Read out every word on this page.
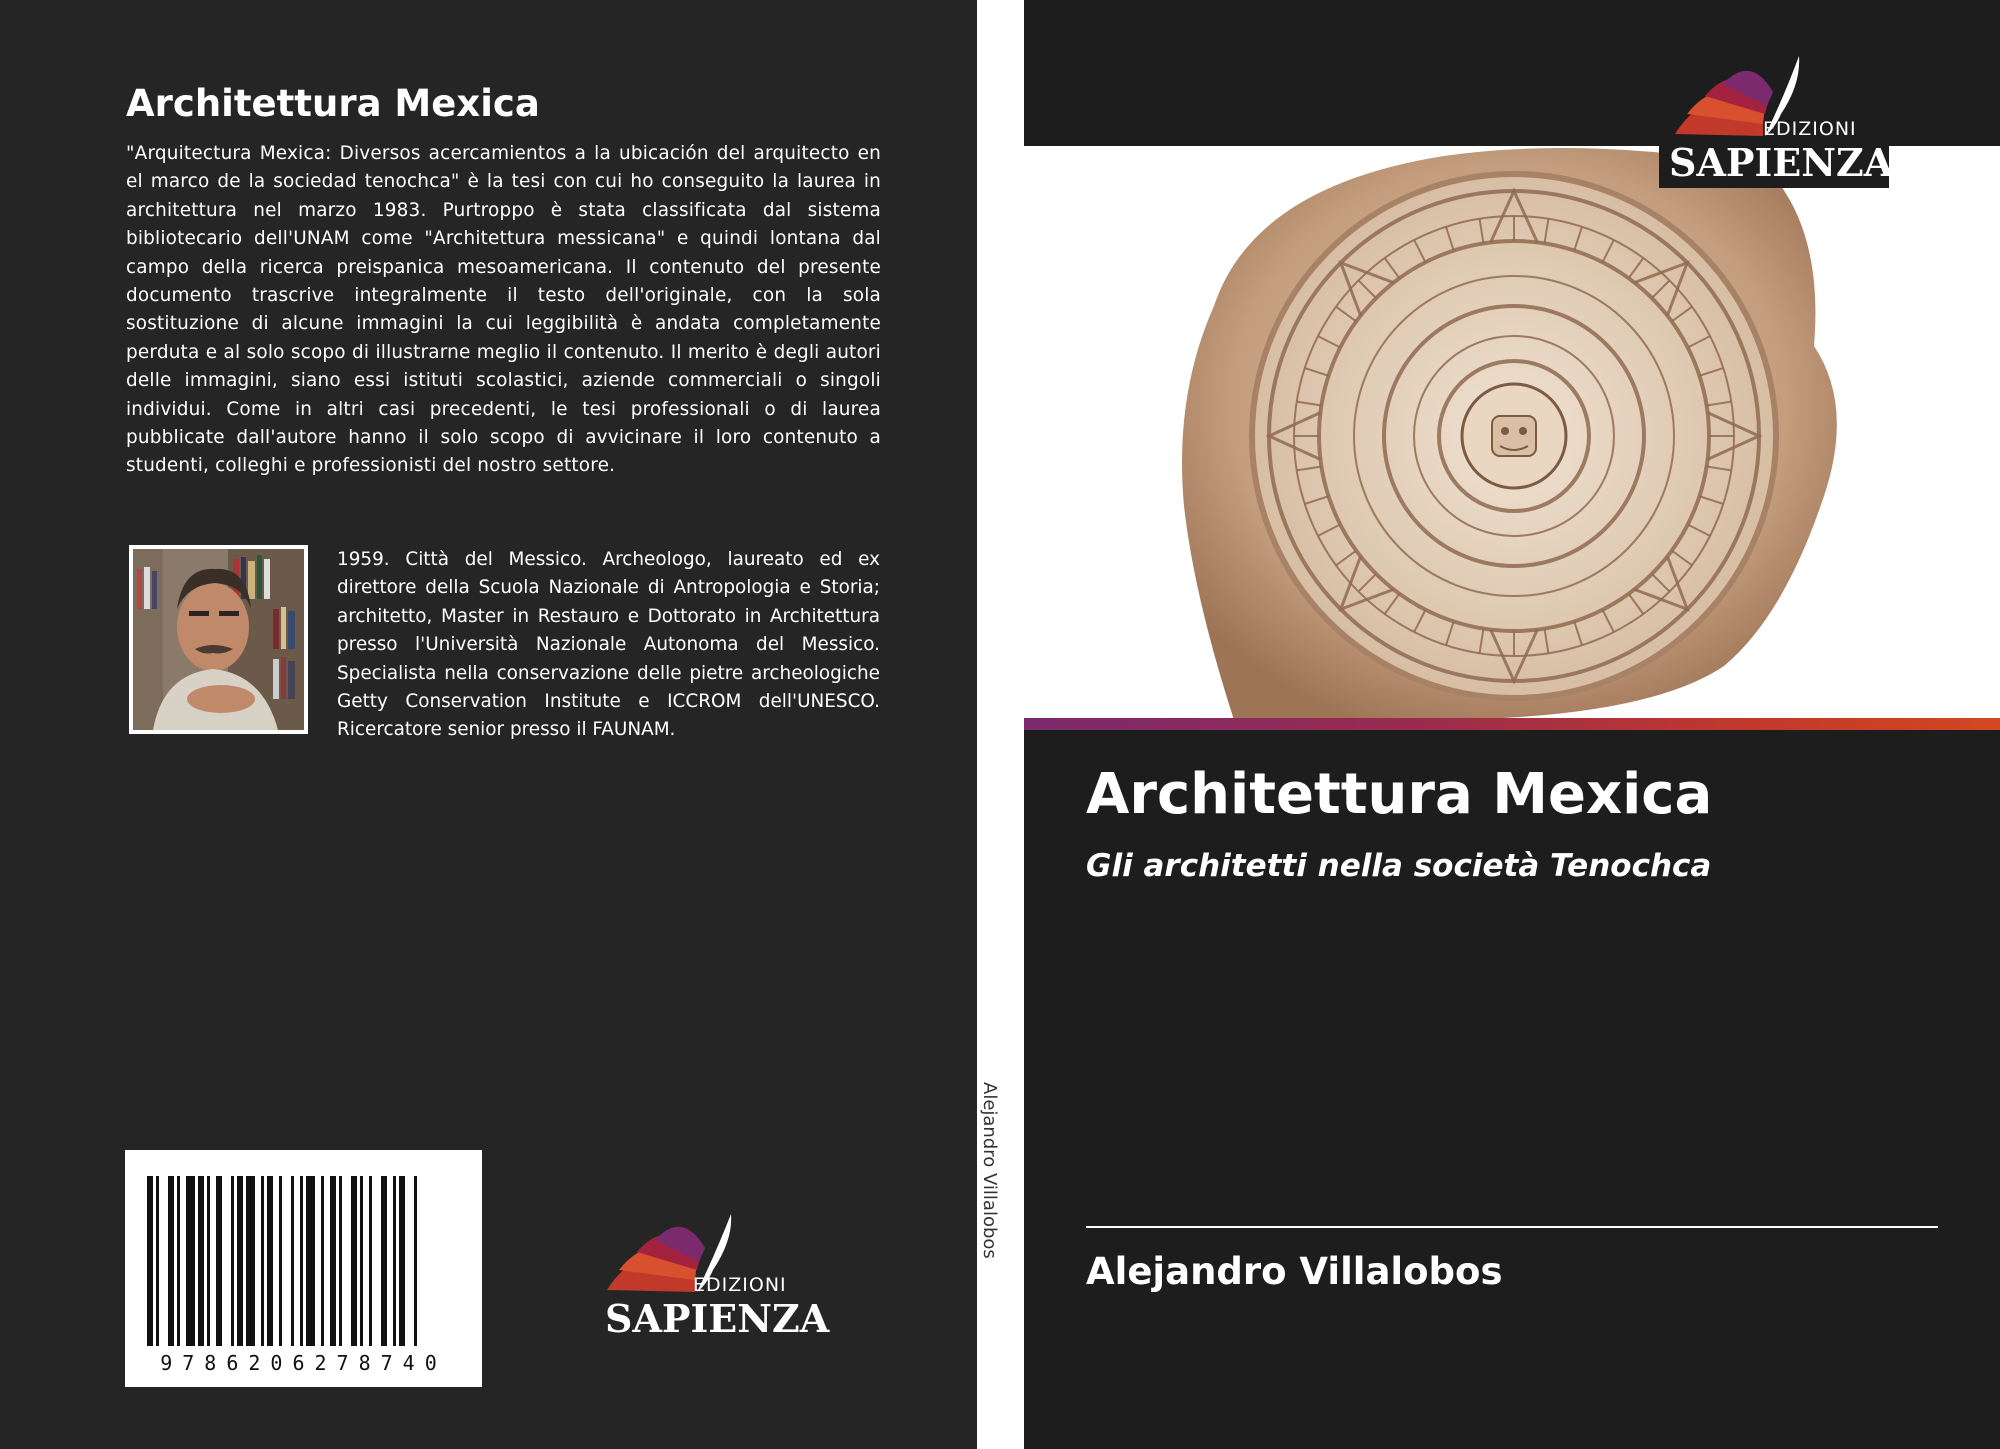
Architettura Mexica

"Arquitectura Mexica: Diversos acercamientos a la ubicación del arquitecto en el marco de la sociedad tenochca" è la tesi con cui ho conseguito la laurea in architettura nel marzo 1983. Purtroppo è stata classificata dal sistema bibliotecario dell'UNAM come "Architettura messicana" e quindi lontana dal campo della ricerca preispanica mesoamericana. Il contenuto del presente documento trascrive integralmente il testo dell'originale, con la sola sostituzione di alcune immagini la cui leggibilità è andata completamente perduta e al solo scopo di illustrarne meglio il contenuto. Il merito è degli autori delle immagini, siano essi istituti scolastici, aziende commerciali o singoli individui. Come in altri casi precedenti, le tesi professionali o di laurea pubblicate dall'autore hanno il solo scopo di avvicinare il loro contenuto a studenti, colleghi e professionisti del nostro settore.

1959. Città del Messico. Archeologo, laureato ed ex direttore della Scuola Nazionale di Antropologia e Storia; architetto, Master in Restauro e Dottorato in Architettura presso l'Università Nazionale Autonoma del Messico. Specialista nella conservazione delle pietre archeologiche Getty Conservation Institute e ICCROM dell'UNESCO. Ricercatore senior presso il FAUNAM.

9786206278740
EDIZIONI
SAPIENZA
Alejandro Villalobos
EDIZIONI
SAPIENZA
Architettura Mexica
Gli architetti nella società Tenochca
Alejandro Villalobos
